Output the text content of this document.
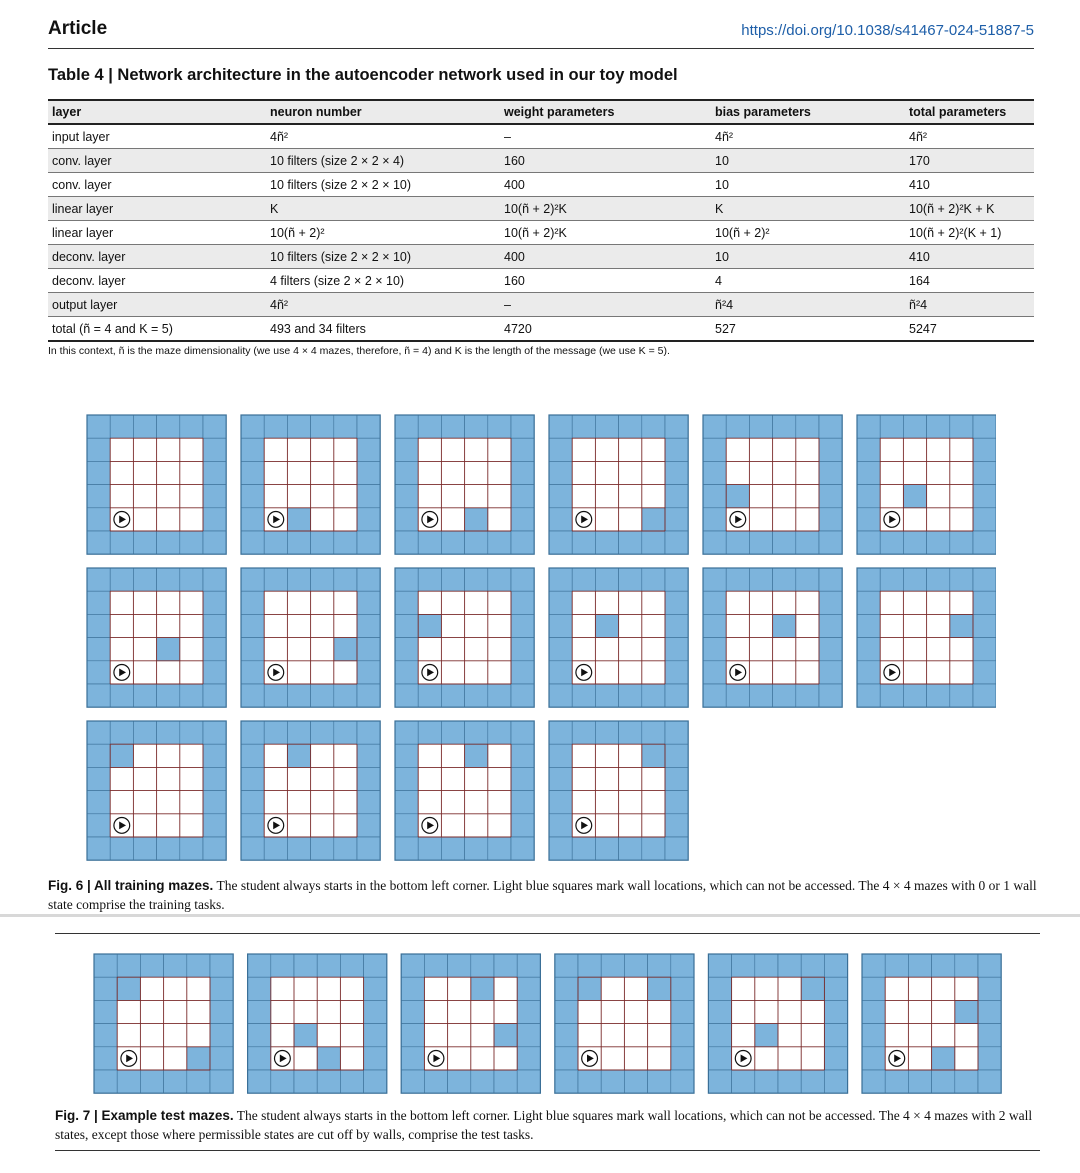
Article	https://doi.org/10.1038/s41467-024-51887-5
Table 4 | Network architecture in the autoencoder network used in our toy model
layer	neuron number	weight parameters	bias parameters	total parameters
input layer	4ñ²	–	4ñ²	4ñ²
conv. layer	10 filters (size 2 × 2 × 4)	160	10	170
conv. layer	10 filters (size 2 × 2 × 10)	400	10	410
linear layer	K	10(ñ + 2)²K	K	10(ñ + 2)²K + K
linear layer	10(ñ + 2)²	10(ñ + 2)²K	10(ñ + 2)²	10(ñ + 2)²(K + 1)
deconv. layer	10 filters (size 2 × 2 × 10)	400	10	410
deconv. layer	4 filters (size 2 × 2 × 10)	160	4	164
output layer	4ñ²	–	ñ²4	ñ²4
total (ñ = 4 and K = 5)	493 and 34 filters	4720	527	5247
In this context, ñ is the maze dimensionality (we use 4 × 4 mazes, therefore, ñ = 4) and K is the length of the message (we use K = 5).
Fig. 6 | All training mazes. The student always starts in the bottom left corner. Light blue squares mark wall locations, which can not be accessed. The 4 × 4 mazes with 0 or 1 wall state comprise the training tasks.
Fig. 7 | Example test mazes. The student always starts in the bottom left corner. Light blue squares mark wall locations, which can not be accessed. The 4 × 4 mazes with 2 wall states, except those where permissible states are cut off by walls, comprise the test tasks.
